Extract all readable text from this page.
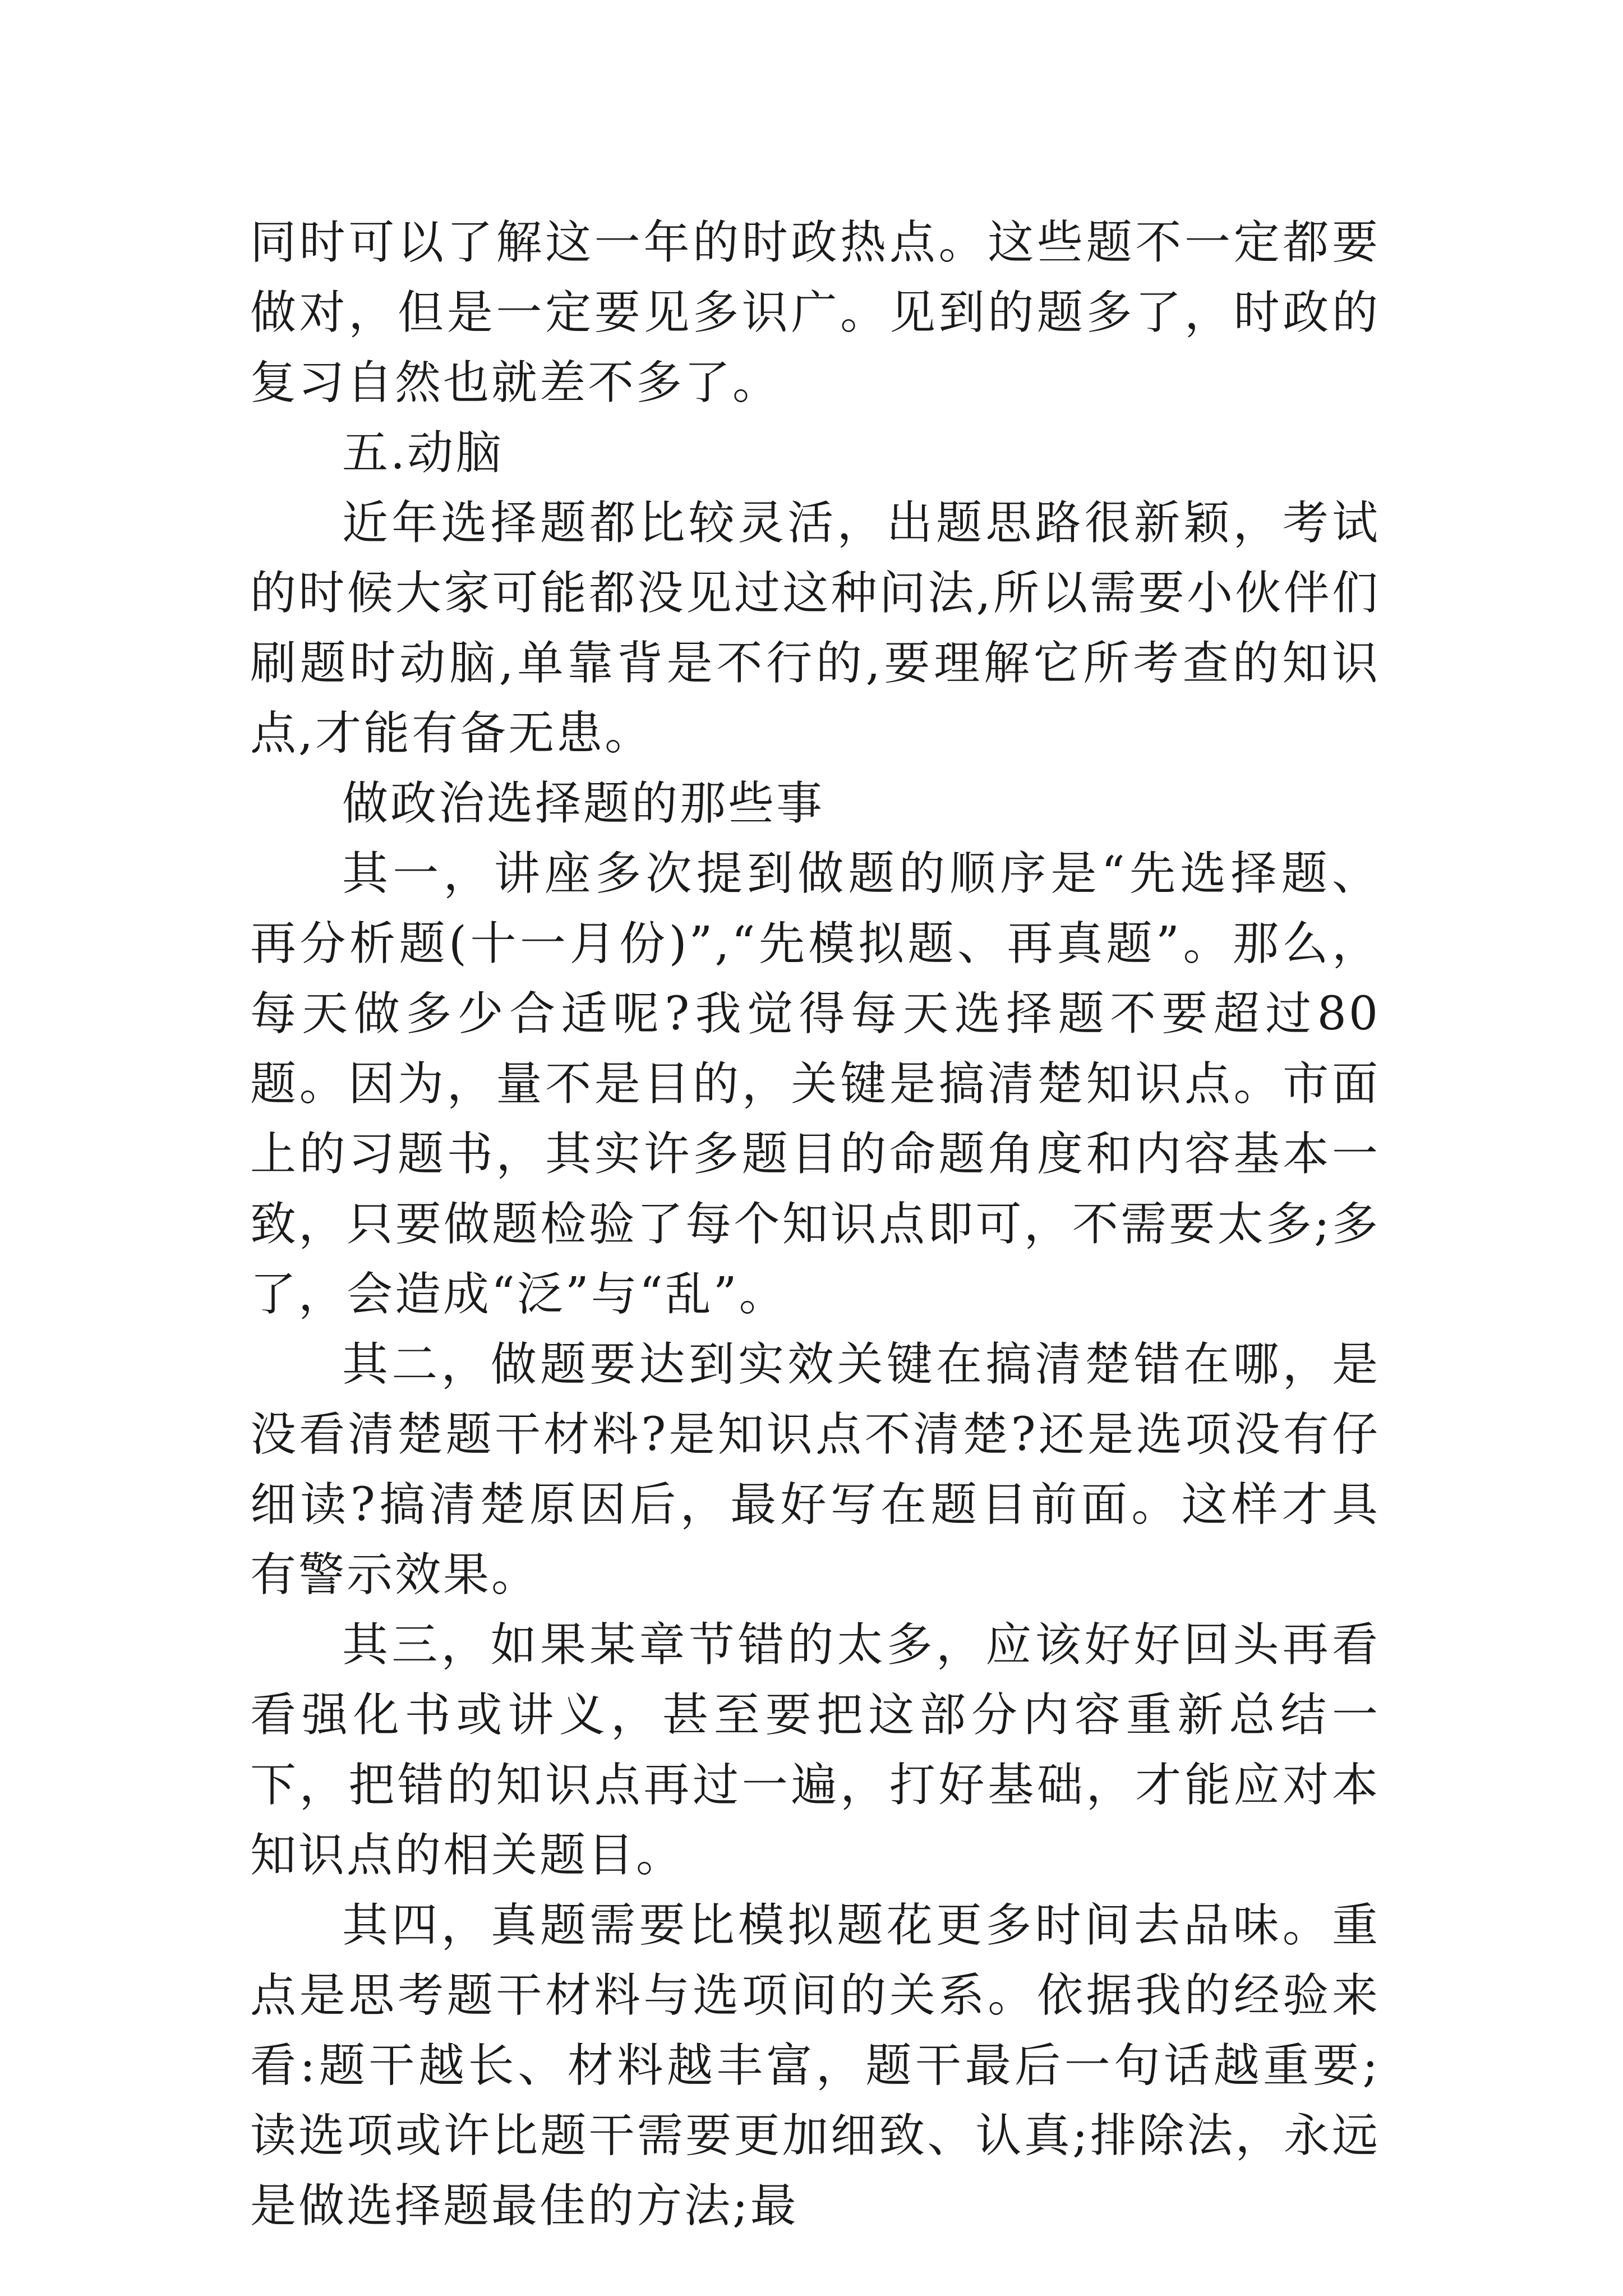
同时可以了解这一年的时政热点。这些题不一定都要做对，但是一定要见多识广。见到的题多了，时政的复习自然也就差不多了。

五.动脑

近年选择题都比较灵活，出题思路很新颖，考试的时候大家可能都没见过这种问法,所以需要小伙伴们刷题时动脑,单靠背是不行的,要理解它所考查的知识点,才能有备无患。

做政治选择题的那些事

其一，讲座多次提到做题的顺序是“先选择题、再分析题(十一月份)”,“先模拟题、再真题”。那么，每天做多少合适呢?我觉得每天选择题不要超过80题。因为，量不是目的，关键是搞清楚知识点。市面上的习题书，其实许多题目的命题角度和内容基本一致，只要做题检验了每个知识点即可，不需要太多;多了，会造成“泛”与“乱”。

其二，做题要达到实效关键在搞清楚错在哪，是没看清楚题干材料?是知识点不清楚?还是选项没有仔细读?搞清楚原因后，最好写在题目前面。这样才具有警示效果。

其三，如果某章节错的太多，应该好好回头再看看强化书或讲义，甚至要把这部分内容重新总结一下，把错的知识点再过一遍，打好基础，才能应对本知识点的相关题目。

其四，真题需要比模拟题花更多时间去品味。重点是思考题干材料与选项间的关系。依据我的经验来看:题干越长、材料越丰富，题干最后一句话越重要;读选项或许比题干需要更加细致、认真;排除法，永远是做选择题最佳的方法;最
